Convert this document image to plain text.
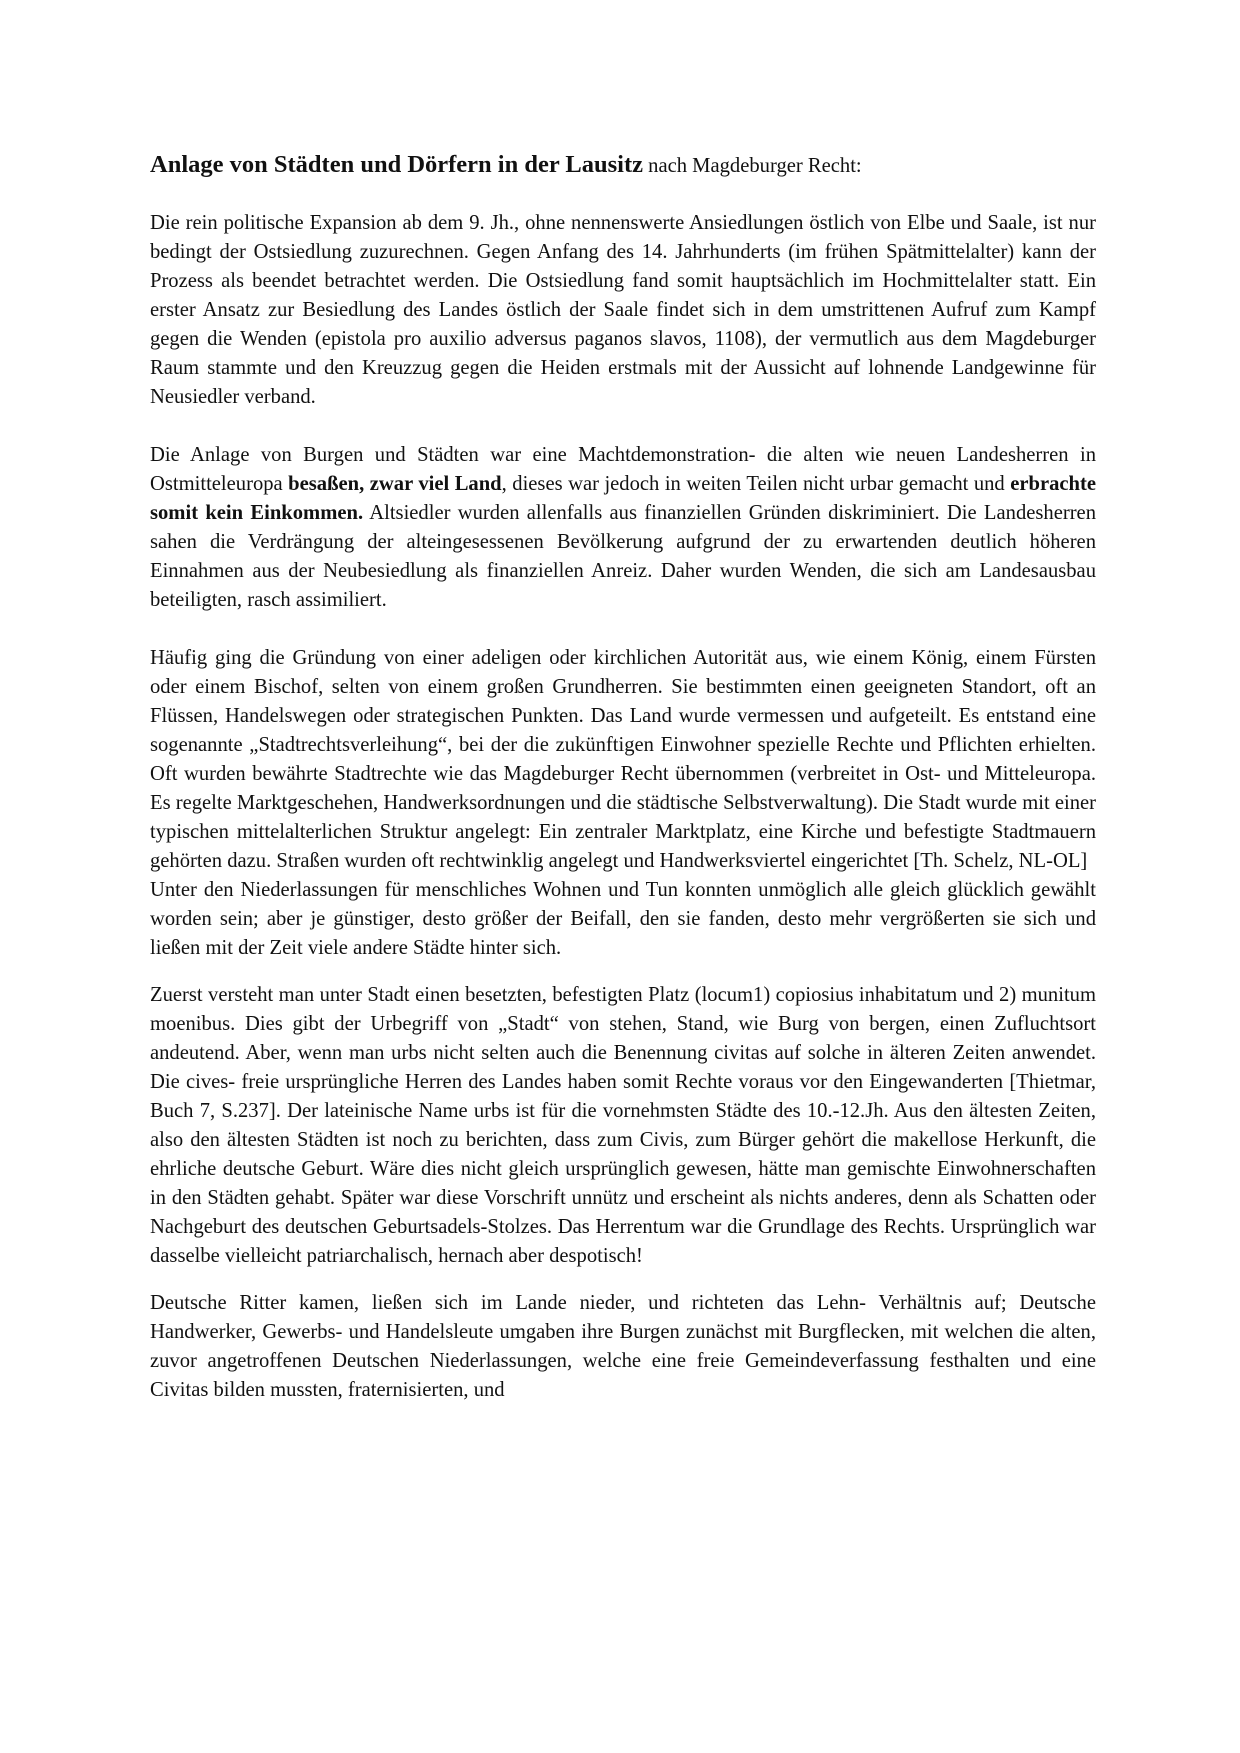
Anlage von Städten und Dörfern in der Lausitz nach Magdeburger Recht:

Die rein politische Expansion ab dem 9. Jh., ohne nennenswerte Ansiedlungen östlich von Elbe und Saale, ist nur bedingt der Ostsiedlung zuzurechnen. Gegen Anfang des 14. Jahrhunderts (im frühen Spätmittelalter) kann der Prozess als beendet betrachtet werden. Die Ostsiedlung fand somit hauptsächlich im Hochmittelalter statt. Ein erster Ansatz zur Besiedlung des Landes östlich der Saale findet sich in dem umstrittenen Aufruf zum Kampf gegen die Wenden (epistola pro auxilio adversus paganos slavos, 1108), der vermutlich aus dem Magdeburger Raum stammte und den Kreuzzug gegen die Heiden erstmals mit der Aussicht auf lohnende Landgewinne für Neusiedler verband.

Die Anlage von Burgen und Städten war eine Machtdemonstration- die alten wie neuen Landesherren in Ostmitteleuropa besaßen, zwar viel Land, dieses war jedoch in weiten Teilen nicht urbar gemacht und erbrachte somit kein Einkommen. Altsiedler wurden allenfalls aus finanziellen Gründen diskriminiert. Die Landesherren sahen die Verdrängung der alteingesessenen Bevölkerung aufgrund der zu erwartenden deutlich höheren Einnahmen aus der Neubesiedlung als finanziellen Anreiz. Daher wurden Wenden, die sich am Landesausbau beteiligten, rasch assimiliert.

Häufig ging die Gründung von einer adeligen oder kirchlichen Autorität aus, wie einem König, einem Fürsten oder einem Bischof, selten von einem großen Grundherren. Sie bestimmten einen geeigneten Standort, oft an Flüssen, Handelswegen oder strategischen Punkten. Das Land wurde vermessen und aufgeteilt. Es entstand eine sogenannte „Stadtrechtsverleihung“, bei der die zukünftigen Einwohner spezielle Rechte und Pflichten erhielten. Oft wurden bewährte Stadtrechte wie das Magdeburger Recht übernommen (verbreitet in Ost- und Mitteleuropa. Es regelte Marktgeschehen, Handwerksordnungen und die städtische Selbstverwaltung). Die Stadt wurde mit einer typischen mittelalterlichen Struktur angelegt: Ein zentraler Marktplatz, eine Kirche und befestigte Stadtmauern gehörten dazu. Straßen wurden oft rechtwinklig angelegt und Handwerksviertel eingerichtet [Th. Schelz, NL-OL]

Unter den Niederlassungen für menschliches Wohnen und Tun konnten unmöglich alle gleich glücklich gewählt worden sein; aber je günstiger, desto größer der Beifall, den sie fanden, desto mehr vergrößerten sie sich und ließen mit der Zeit viele andere Städte hinter sich.

Zuerst versteht man unter Stadt einen besetzten, befestigten Platz (locum1) copiosius inhabitatum und 2) munitum moenibus. Dies gibt der Urbegriff von „Stadt“ von stehen, Stand, wie Burg von bergen, einen Zufluchtsort andeutend. Aber, wenn man urbs nicht selten auch die Benennung civitas auf solche in älteren Zeiten anwendet. Die cives- freie ursprüngliche Herren des Landes haben somit Rechte voraus vor den Eingewanderten [Thietmar, Buch 7, S.237]. Der lateinische Name urbs ist für die vornehmsten Städte des 10.-12.Jh. Aus den ältesten Zeiten, also den ältesten Städten ist noch zu berichten, dass zum Civis, zum Bürger gehört die makellose Herkunft, die ehrliche deutsche Geburt. Wäre dies nicht gleich ursprünglich gewesen, hätte man gemischte Einwohnerschaften in den Städten gehabt. Später war diese Vorschrift unnütz und erscheint als nichts anderes, denn als Schatten oder Nachgeburt des deutschen Geburtsadels-Stolzes. Das Herrentum war die Grundlage des Rechts. Ursprünglich war dasselbe vielleicht patriarchalisch, hernach aber despotisch!

Deutsche Ritter kamen, ließen sich im Lande nieder, und richteten das Lehn- Verhältnis auf; Deutsche Handwerker, Gewerbs- und Handelsleute umgaben ihre Burgen zunächst mit Burgflecken, mit welchen die alten, zuvor angetroffenen Deutschen Niederlassungen, welche eine freie Gemeindeverfassung festhalten und eine Civitas bilden mussten, fraternisierten, und
